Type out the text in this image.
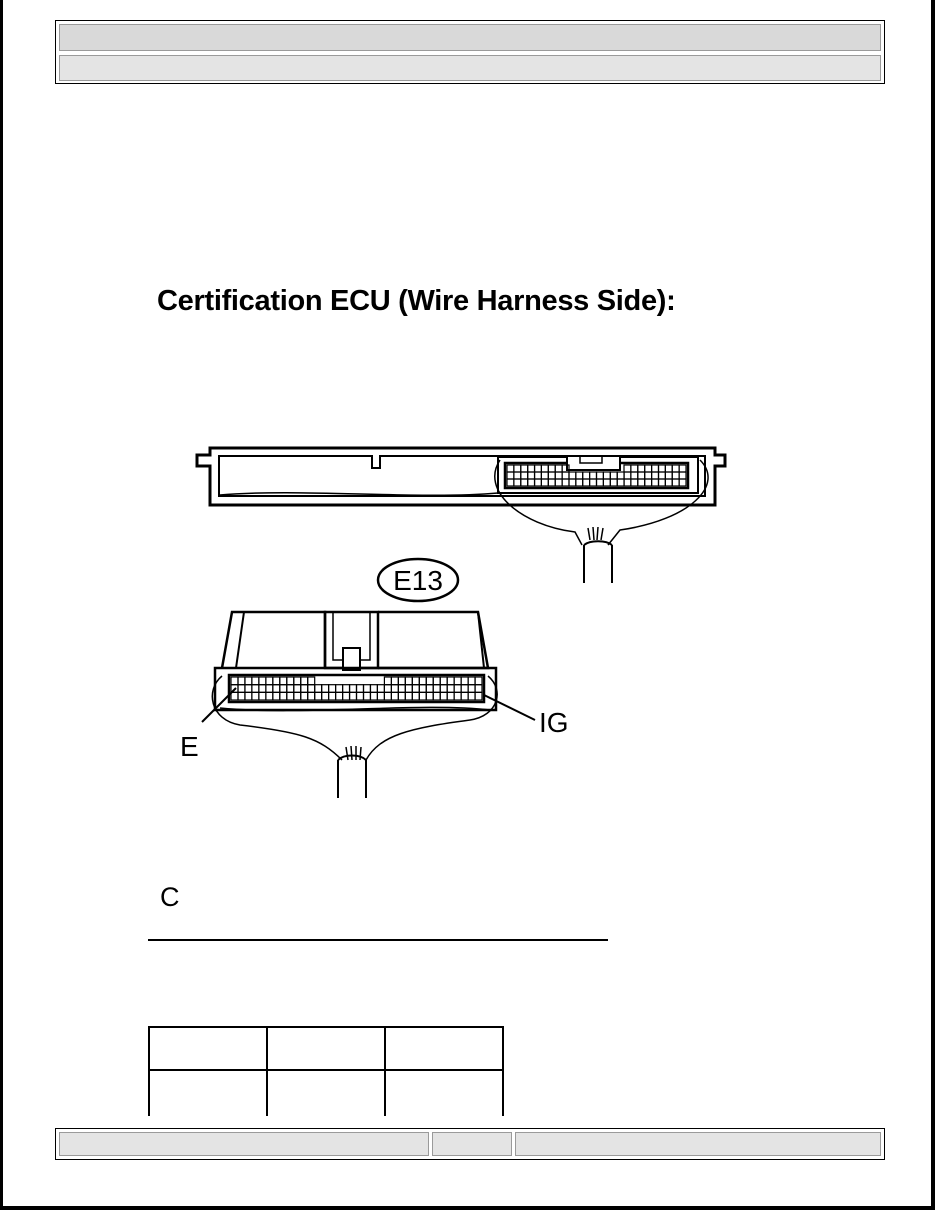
Certification ECU (Wire Harness Side):
E13
E
IG
C
